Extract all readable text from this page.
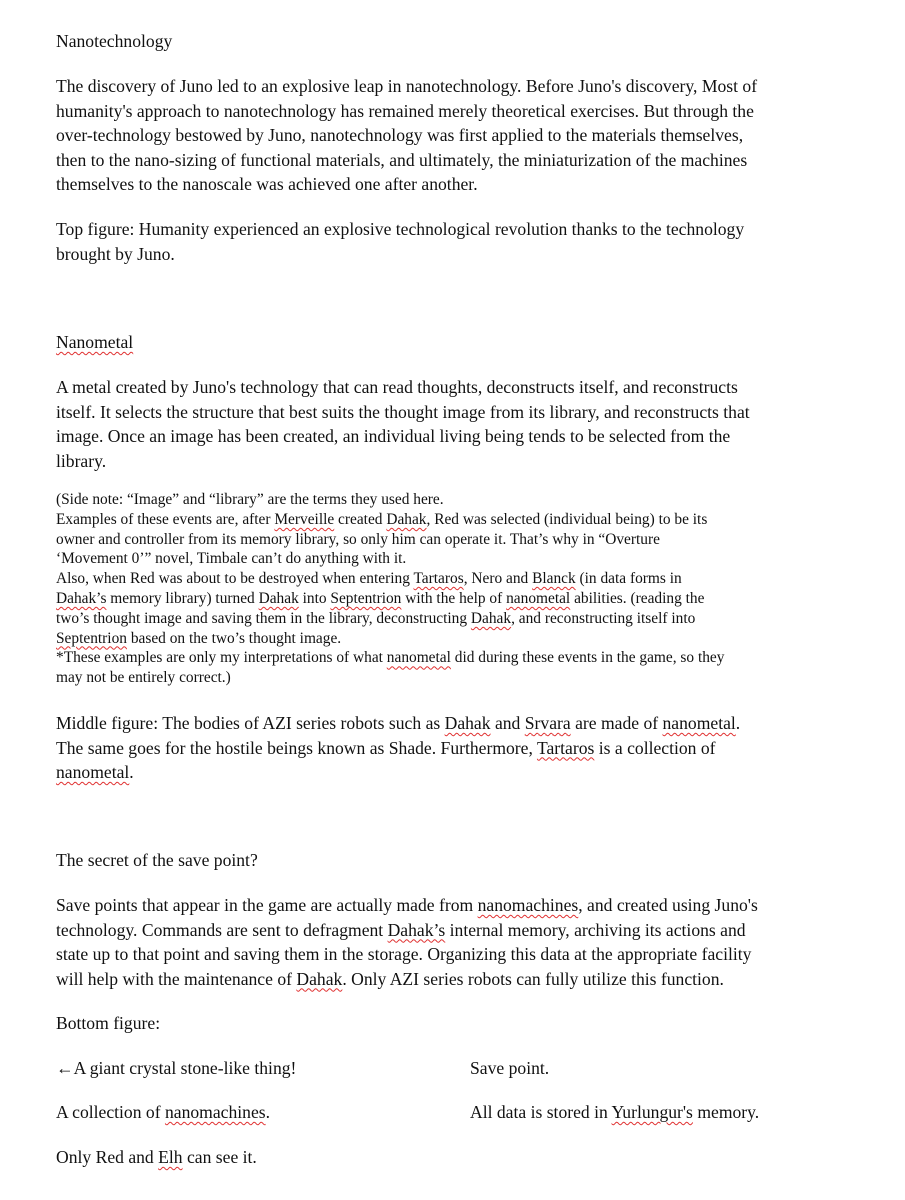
Nanotechnology

The discovery of Juno led to an explosive leap in nanotechnology. Before Juno's discovery, Most of
humanity's approach to nanotechnology has remained merely theoretical exercises. But through the
over-technology bestowed by Juno, nanotechnology was first applied to the materials themselves,
then to the nano-sizing of functional materials, and ultimately, the miniaturization of the machines
themselves to the nanoscale was achieved one after another.

Top figure: Humanity experienced an explosive technological revolution thanks to the technology
brought by Juno.

Nanometal

A metal created by Juno's technology that can read thoughts, deconstructs itself, and reconstructs
itself. It selects the structure that best suits the thought image from its library, and reconstructs that
image. Once an image has been created, an individual living being tends to be selected from the
library.

(Side note: “Image” and “library” are the terms they used here.
Examples of these events are, after Merveille created Dahak, Red was selected (individual being) to be its
owner and controller from its memory library, so only him can operate it. That’s why in “Overture
‘Movement 0’” novel, Timbale can’t do anything with it.
Also, when Red was about to be destroyed when entering Tartaros, Nero and Blanck (in data forms in
Dahak’s memory library) turned Dahak into Septentrion with the help of nanometal abilities. (reading the
two’s thought image and saving them in the library, deconstructing Dahak, and reconstructing itself into
Septentrion based on the two’s thought image.
*These examples are only my interpretations of what nanometal did during these events in the game, so they
may not be entirely correct.)

Middle figure: The bodies of AZI series robots such as Dahak and Srvara are made of nanometal.
The same goes for the hostile beings known as Shade. Furthermore, Tartaros is a collection of
nanometal.

The secret of the save point?

Save points that appear in the game are actually made from nanomachines, and created using Juno's
technology. Commands are sent to defragment Dahak’s internal memory, archiving its actions and
state up to that point and saving them in the storage. Organizing this data at the appropriate facility
will help with the maintenance of Dahak. Only AZI series robots can fully utilize this function.

Bottom figure:

←A giant crystal stone-like thing!	Save point.

A collection of nanomachines.	All data is stored in Yurlungur's memory.

Only Red and Elh can see it.
